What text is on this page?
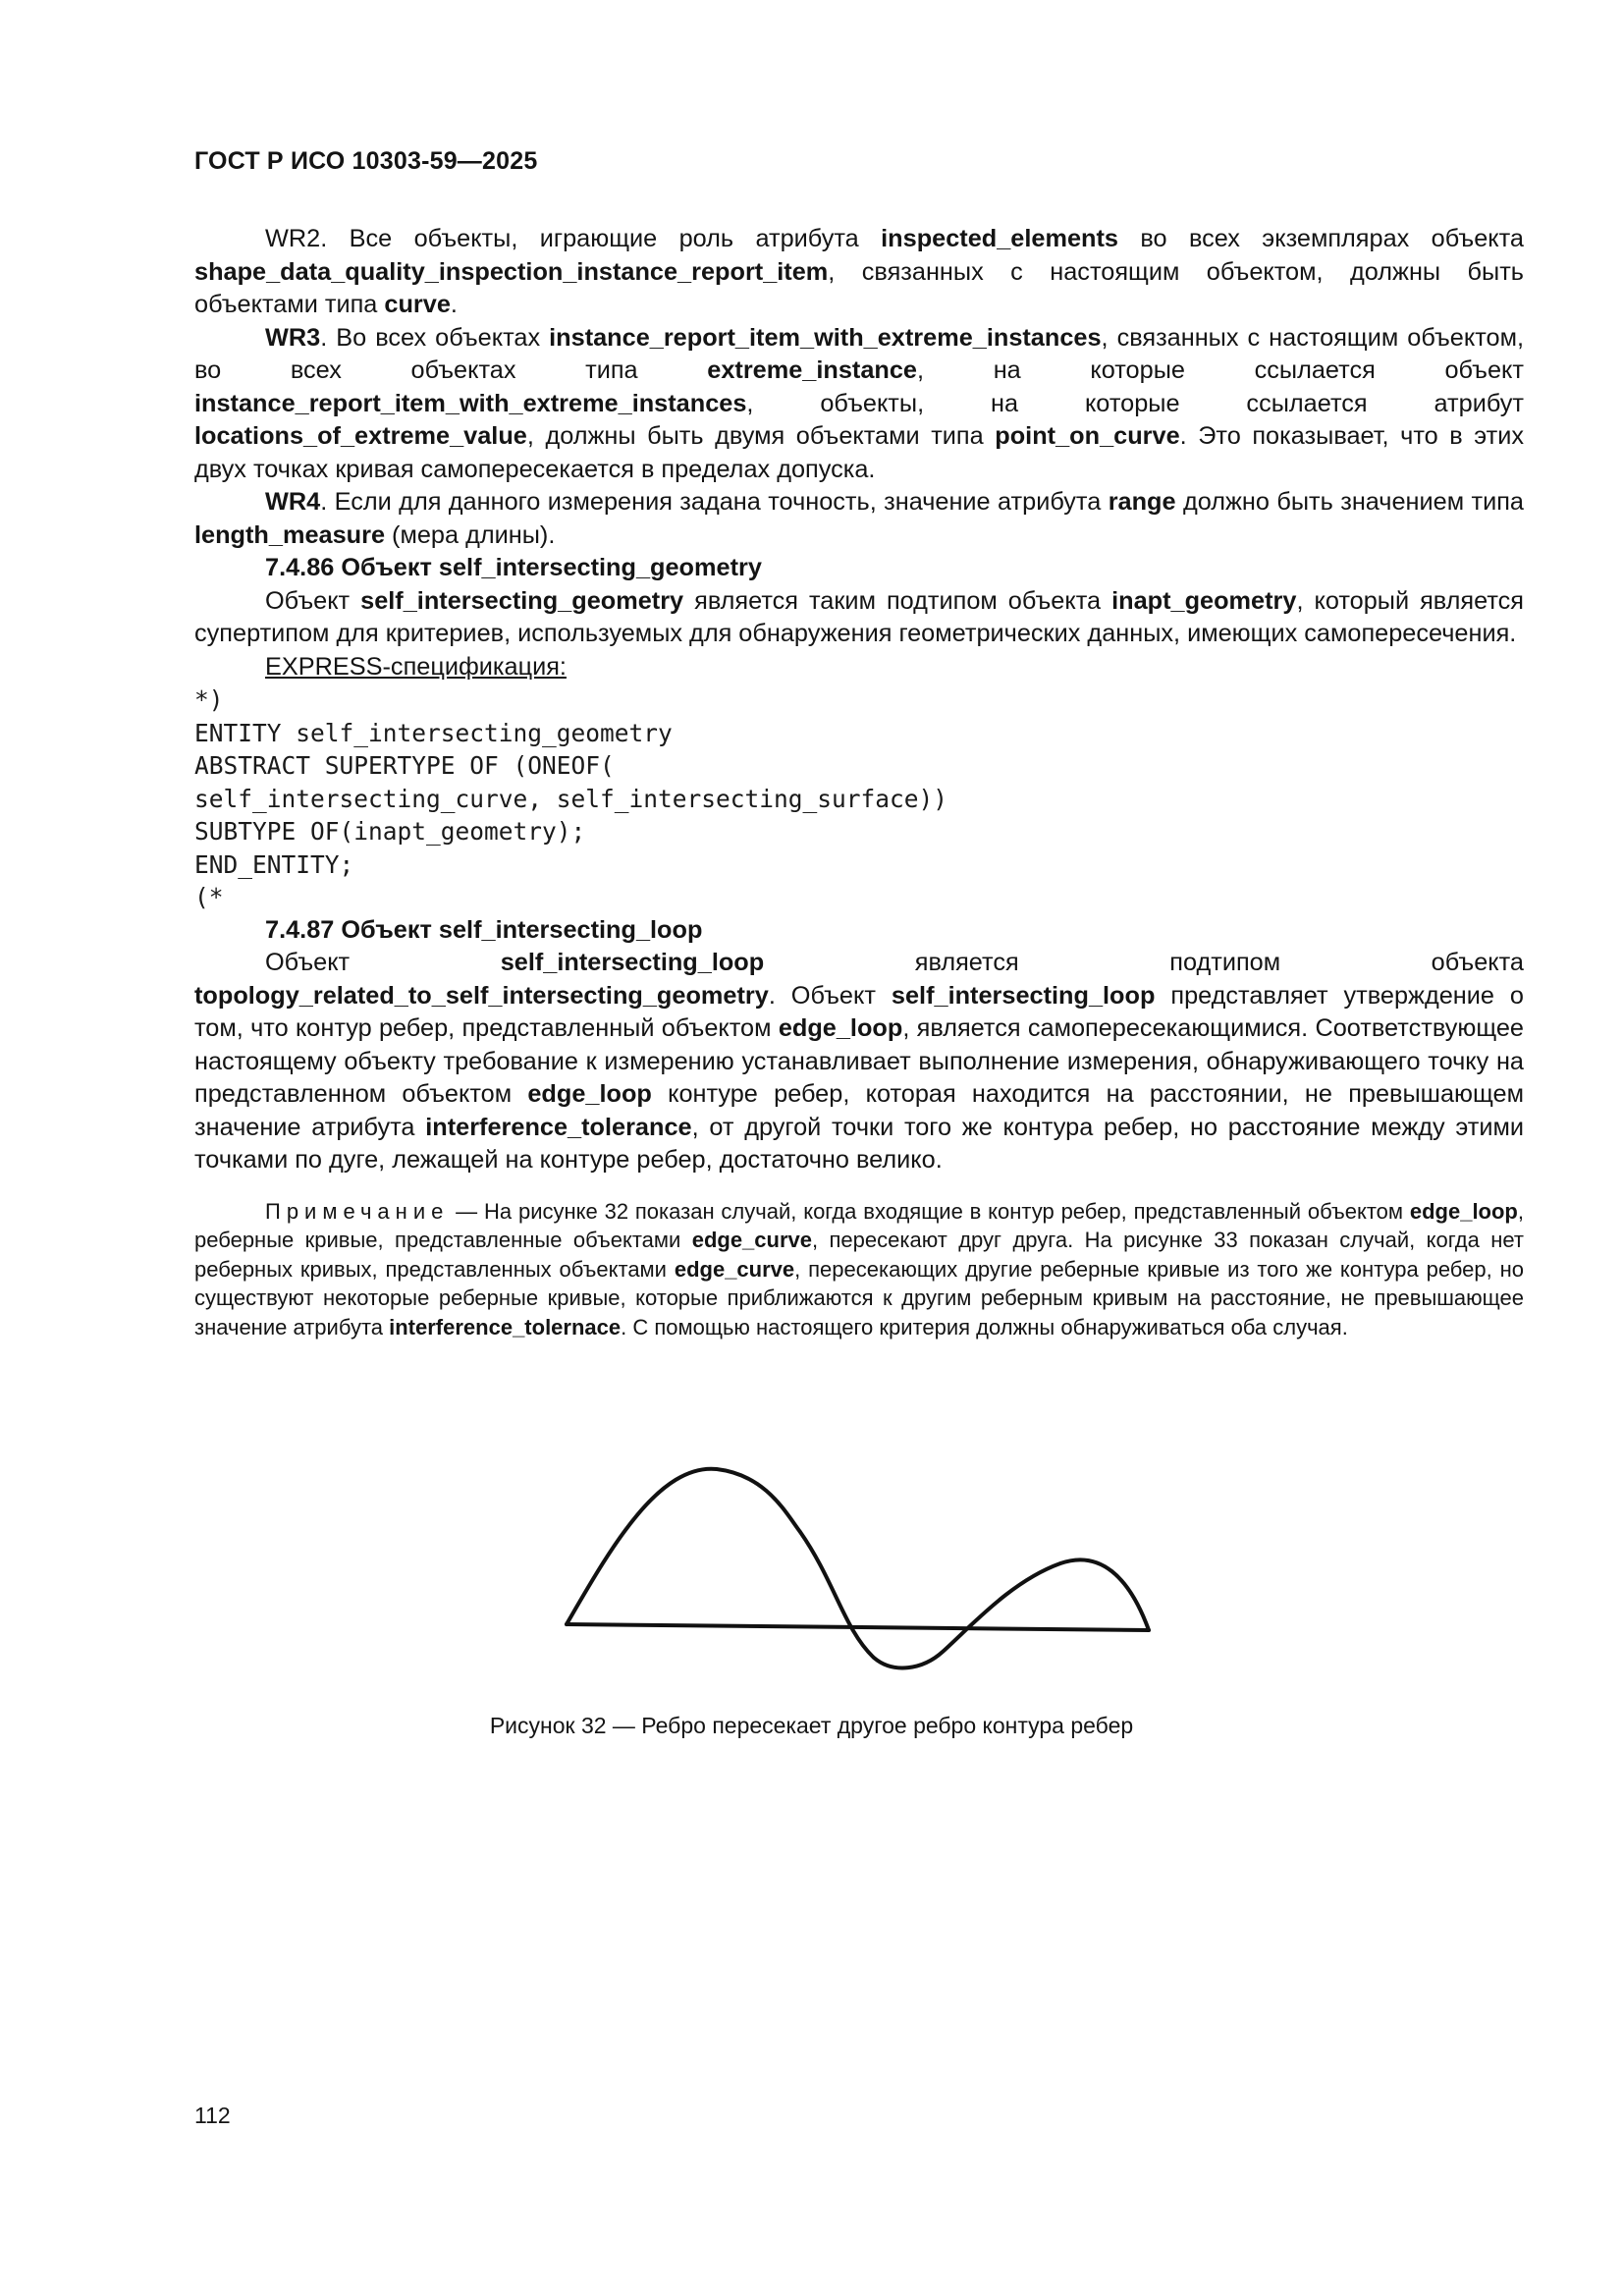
ГОСТ Р ИСО 10303-59—2025

WR2. Все объекты, играющие роль атрибута inspected_elements во всех экземплярах объекта shape_data_quality_inspection_instance_report_item, связанных с настоящим объектом, должны быть объектами типа curve.

WR3. Во всех объектах instance_report_item_with_extreme_instances, связанных с настоящим объектом, во всех объектах типа extreme_instance, на которые ссылается объект instance_report_item_with_extreme_instances, объекты, на которые ссылается атрибут locations_of_extreme_value, должны быть двумя объектами типа point_on_curve. Это показывает, что в этих двух точках кривая самопересекается в пределах допуска.

WR4. Если для данного измерения задана точность, значение атрибута range должно быть значением типа length_measure (мера длины).

7.4.86 Объект self_intersecting_geometry

Объект self_intersecting_geometry является таким подтипом объекта inapt_geometry, который является супертипом для критериев, используемых для обнаружения геометрических данных, имеющих самопересечения.

EXPRESS-спецификация:

*)
ENTITY self_intersecting_geometry
ABSTRACT SUPERTYPE OF (ONEOF(
self_intersecting_curve, self_intersecting_surface))
SUBTYPE OF(inapt_geometry);
END_ENTITY;
(*

7.4.87 Объект self_intersecting_loop

Объект self_intersecting_loop является подтипом объекта topology_related_to_self_intersecting_geometry. Объект self_intersecting_loop представляет утверждение о том, что контур ребер, представленный объектом edge_loop, является самопересекающимися. Соответствующее настоящему объекту требование к измерению устанавливает выполнение измерения, обнаруживающего точку на представленном объектом edge_loop контуре ребер, которая находится на расстоянии, не превышающем значение атрибута interference_tolerance, от другой точки того же контура ребер, но расстояние между этими точками по дуге, лежащей на контуре ребер, достаточно велико.

Примечание — На рисунке 32 показан случай, когда входящие в контур ребер, представленный объектом edge_loop, реберные кривые, представленные объектами edge_curve, пересекают друг друга. На рисунке 33 показан случай, когда нет реберных кривых, представленных объектами edge_curve, пересекающих другие реберные кривые из того же контура ребер, но существуют некоторые реберные кривые, которые приближаются к другим реберным кривым на расстояние, не превышающее значение атрибута interference_tolernace. С помощью настоящего критерия должны обнаруживаться оба случая.

Рисунок 32 — Ребро пересекает другое ребро контура ребер
112
